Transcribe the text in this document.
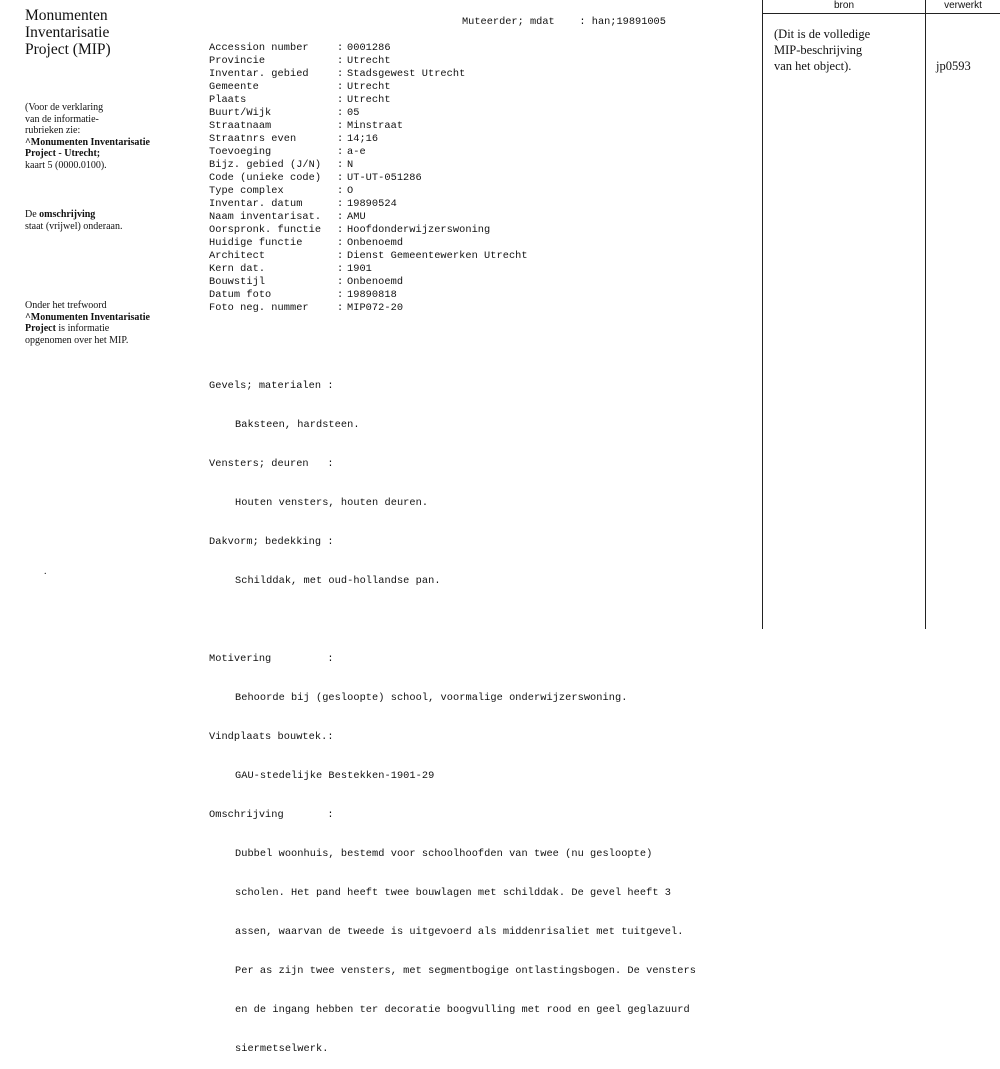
Monumenten
Inventarisatie
Project (MIP)
(Voor de verklaring
van de informatie-
rubrieken zie:
^Monumenten Inventarisatie
Project - Utrecht;
kaart 5 (0000.0100).
De omschrijving
staat (vrijwel) onderaan.
Onder het trefwoord
^Monumenten Inventarisatie
Project is informatie
opgenomen over het MIP.
.
Muteerder; mdat    : han;19891005

Accession number	: 0001286
Provincie	: Utrecht
Inventar. gebied	: Stadsgewest Utrecht
Gemeente	: Utrecht
Plaats	: Utrecht
Buurt/Wijk	: 05
Straatnaam	: Minstraat
Straatnrs even	: 14;16
Toevoeging	: a-e
Bijz. gebied (J/N) : N
Code (unieke code) : UT-UT-051286
Type complex	: O
Inventar. datum	: 19890524
Naam inventarisat. : AMU
Oorspronk. functie : Hoofdonderwijzerswoning
Huidige functie	: Onbenoemd
Architect	: Dienst Gemeentewerken Utrecht
Kern dat.	: 1901
Bouwstijl	: Onbenoemd
Datum foto	: 19890818
Foto neg. nummer	: MIP072-20

Gevels; materialen :

Baksteen, hardsteen.

Vensters; deuren   :

Houten vensters, houten deuren.

Dakvorm; bedekking :

Schilddak, met oud-hollandse pan.

Motivering         :

Behoorde bij (gesloopte) school, voormalige onderwijzerswoning.

Vindplaats bouwtek.:

GAU-stedelijke Bestekken-1901-29

Omschrijving       :

Dubbel woonhuis, bestemd voor schoolhoofden van twee (nu gesloopte)

scholen. Het pand heeft twee bouwlagen met schilddak. De gevel heeft 3

assen, waarvan de tweede is uitgevoerd als middenrisaliet met tuitgevel.

Per as zijn twee vensters, met segmentbogige ontlastingsbogen. De vensters

en de ingang hebben ter decoratie boogvulling met rood en geel geglazuurd

siermetselwerk.

bron	verwerkt
(Dit is de volledige
MIP-beschrijving
van het object).	jp0593
